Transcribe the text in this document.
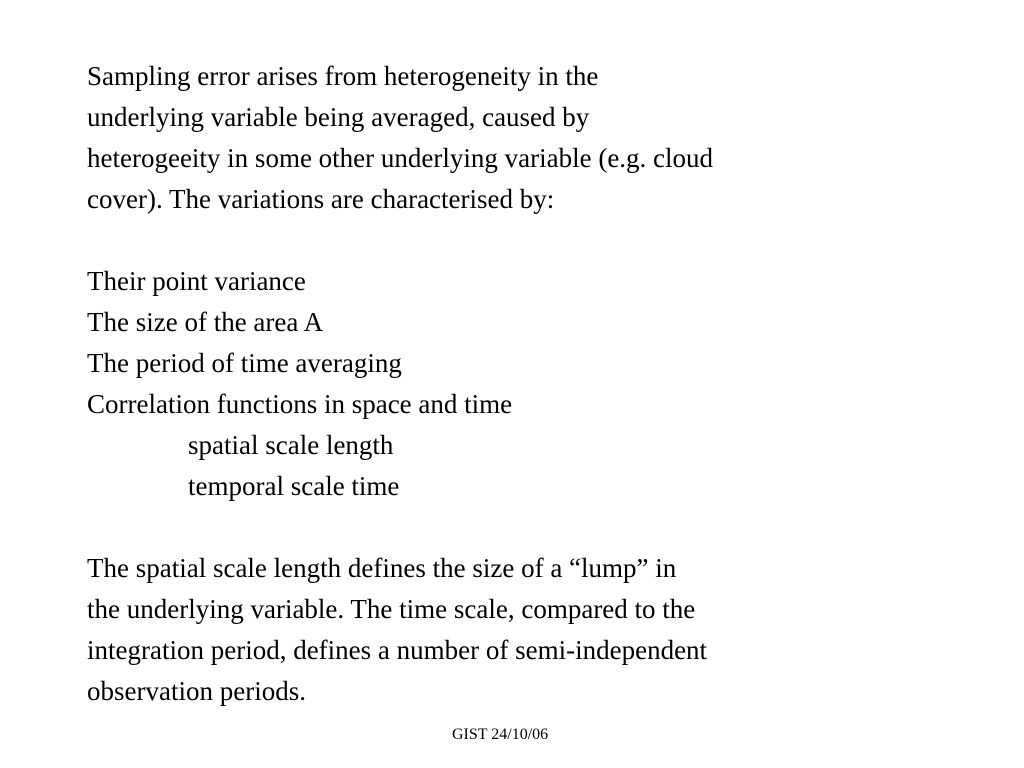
Sampling error arises from heterogeneity in the
underlying variable being averaged, caused by
heterogeeity in some other underlying variable (e.g. cloud
cover). The variations are characterised by:
Their point variance
The size of the area A
The period of time averaging
Correlation functions in space and time
spatial scale length
temporal scale time
The spatial scale length defines the size of a “lump” in
the underlying variable. The time scale, compared to the
integration period, defines a number of semi-independent
observation periods.
GIST 24/10/06
